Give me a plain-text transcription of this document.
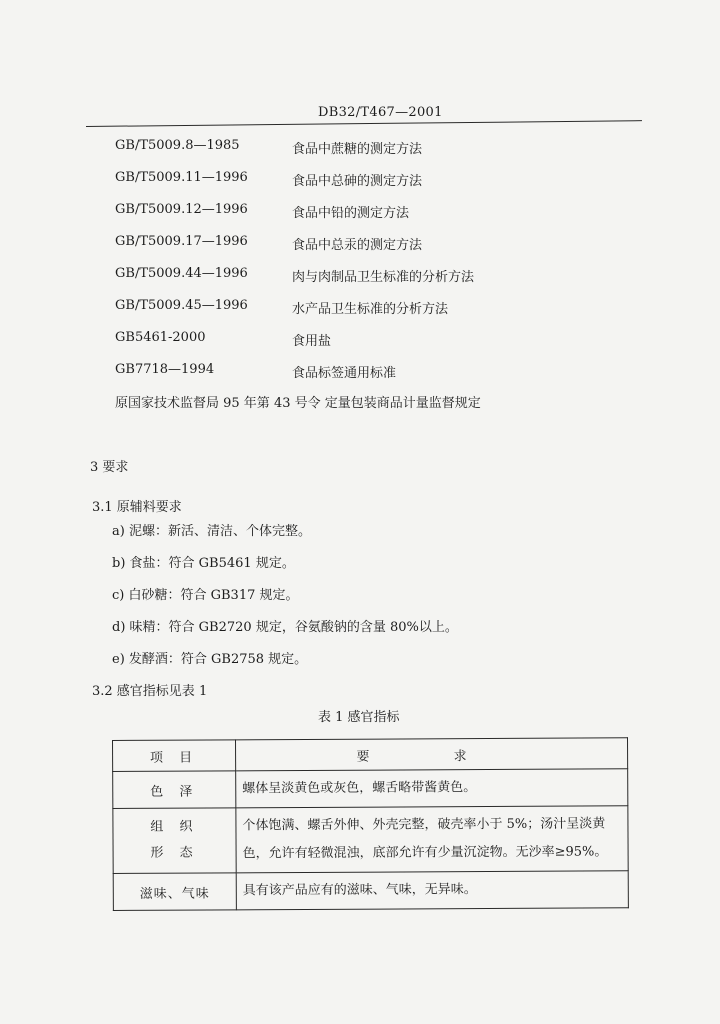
DB32/T467—2001
GB/T5009.8—1985	食品中蔗糖的测定方法
GB/T5009.11—1996	食品中总砷的测定方法
GB/T5009.12—1996	食品中铅的测定方法
GB/T5009.17—1996	食品中总汞的测定方法
GB/T5009.44—1996	肉与肉制品卫生标准的分析方法
GB/T5009.45—1996	水产品卫生标准的分析方法
GB5461-2000	食用盐
GB7718—1994	食品标签通用标准
原国家技术监督局 95 年第 43 号令 定量包装商品计量监督规定
3 要求
3.1 原辅料要求
a) 泥螺：新活、清洁、个体完整。
b) 食盐：符合 GB5461 规定。
c) 白砂糖：符合 GB317 规定。
d) 味精：符合 GB2720 规定，谷氨酸钠的含量 80%以上。
e) 发酵酒：符合 GB2758 规定。
3.2 感官指标见表 1
表 1 感官指标
项 目	要 求
色 泽	螺体呈淡黄色或灰色，螺舌略带酱黄色。

组 织
形 态	个体饱满、螺舌外伸、外壳完整，破壳率小于 5%；汤汁呈淡黄色，允许有轻微混浊，底部允许有少量沉淀物。无沙率≥95%。
滋味、气味	具有该产品应有的滋味、气味，无异味。
